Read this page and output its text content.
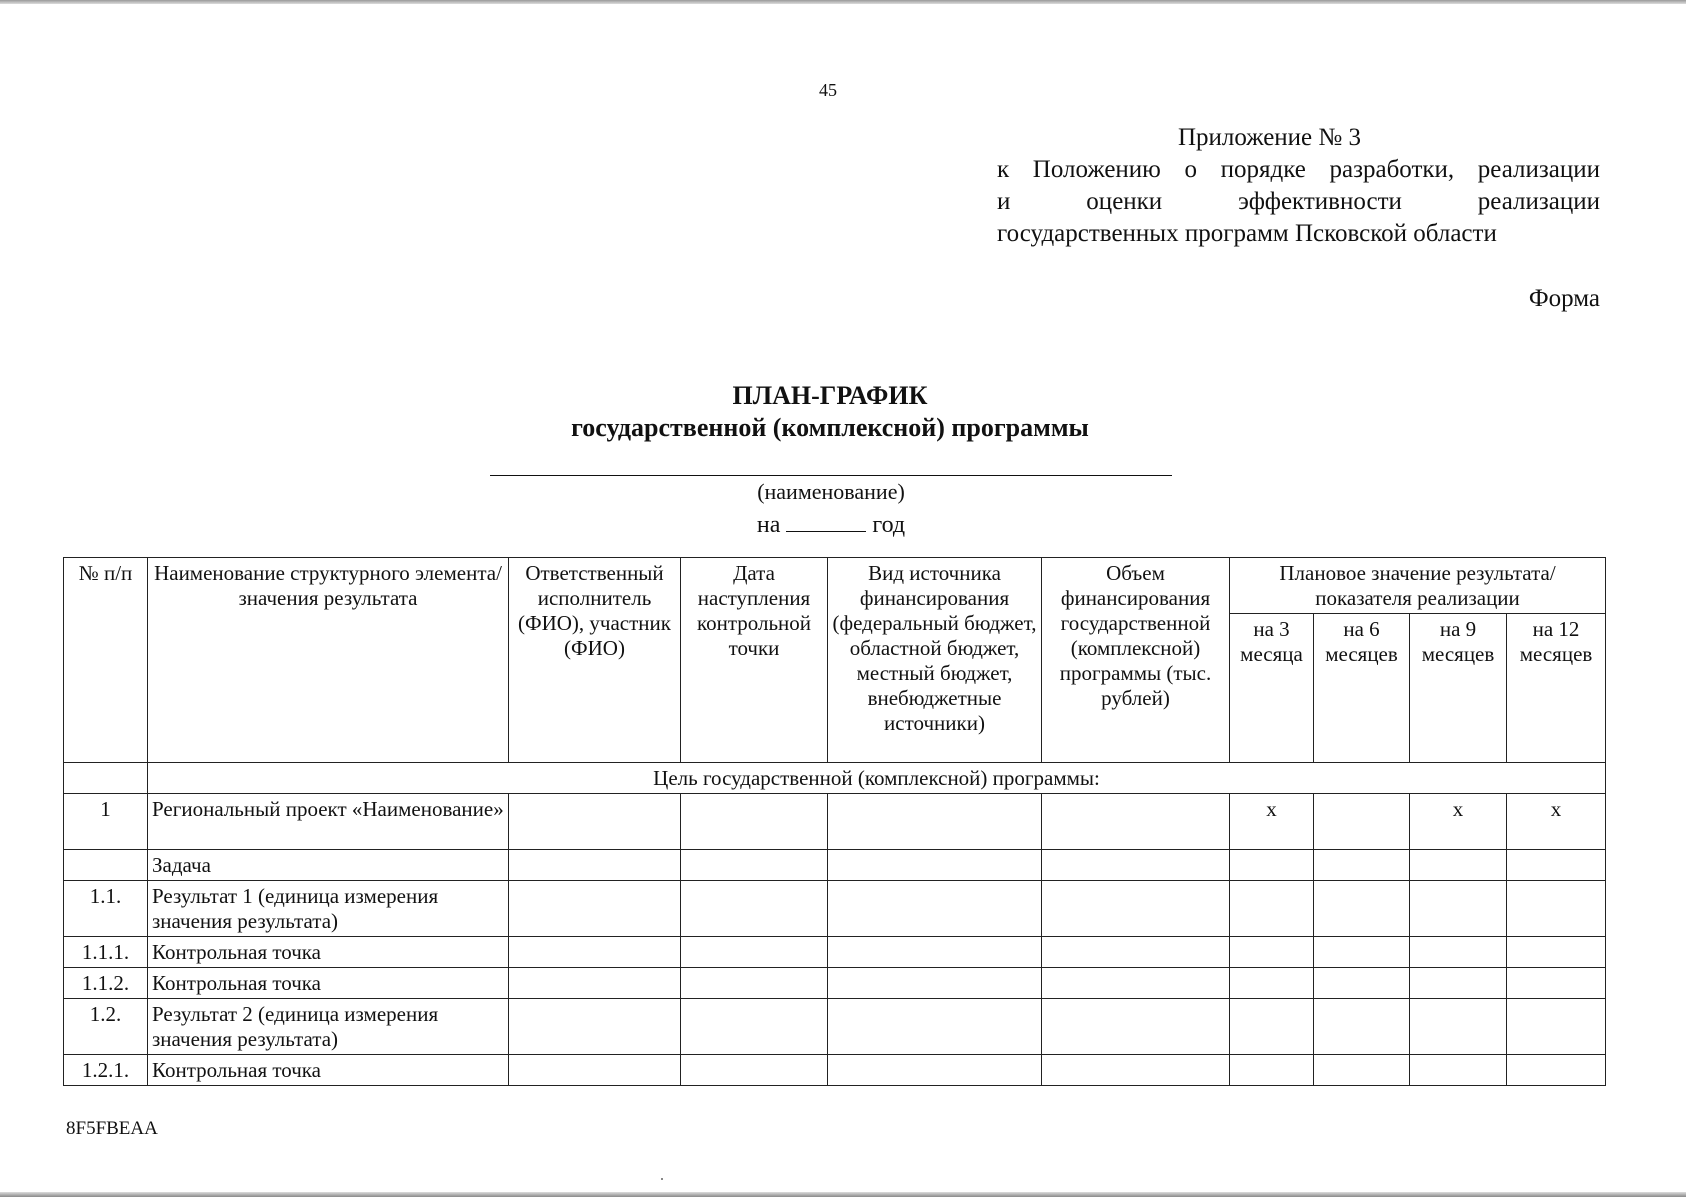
45
Приложение № 3
к Положению о порядке разработки, реализации
и оценки эффективности реализации
государственных программ Псковской области
Форма
ПЛАН-ГРАФИК
государственной (комплексной) программы
(наименование)
на	год
№ п/п	Наименование структурного элемента/ значения результата	Ответственный исполнитель (ФИО), участник (ФИО)	Дата наступления контрольной точки	Вид источника финансирования (федеральный бюджет, областной бюджет, местный бюджет, внебюджетные источники)	Объем финансирования государственной (комплексной) программы (тыс. рублей)	Плановое значение результата/показателя реализации			
						на 3 месяца	на 6 месяцев	на 9 месяцев	на 12 месяцев
	Цель государственной (комплексной) программы:								
1	Региональный проект «Наименование»					х		х	х
	Задача								
1.1.	Результат 1 (единица измерения значения результата)								
1.1.1.	Контрольная точка								
1.1.2.	Контрольная точка								
1.2.	Результат 2 (единица измерения значения результата)								
1.2.1.	Контрольная точка								
8F5FBEAA
